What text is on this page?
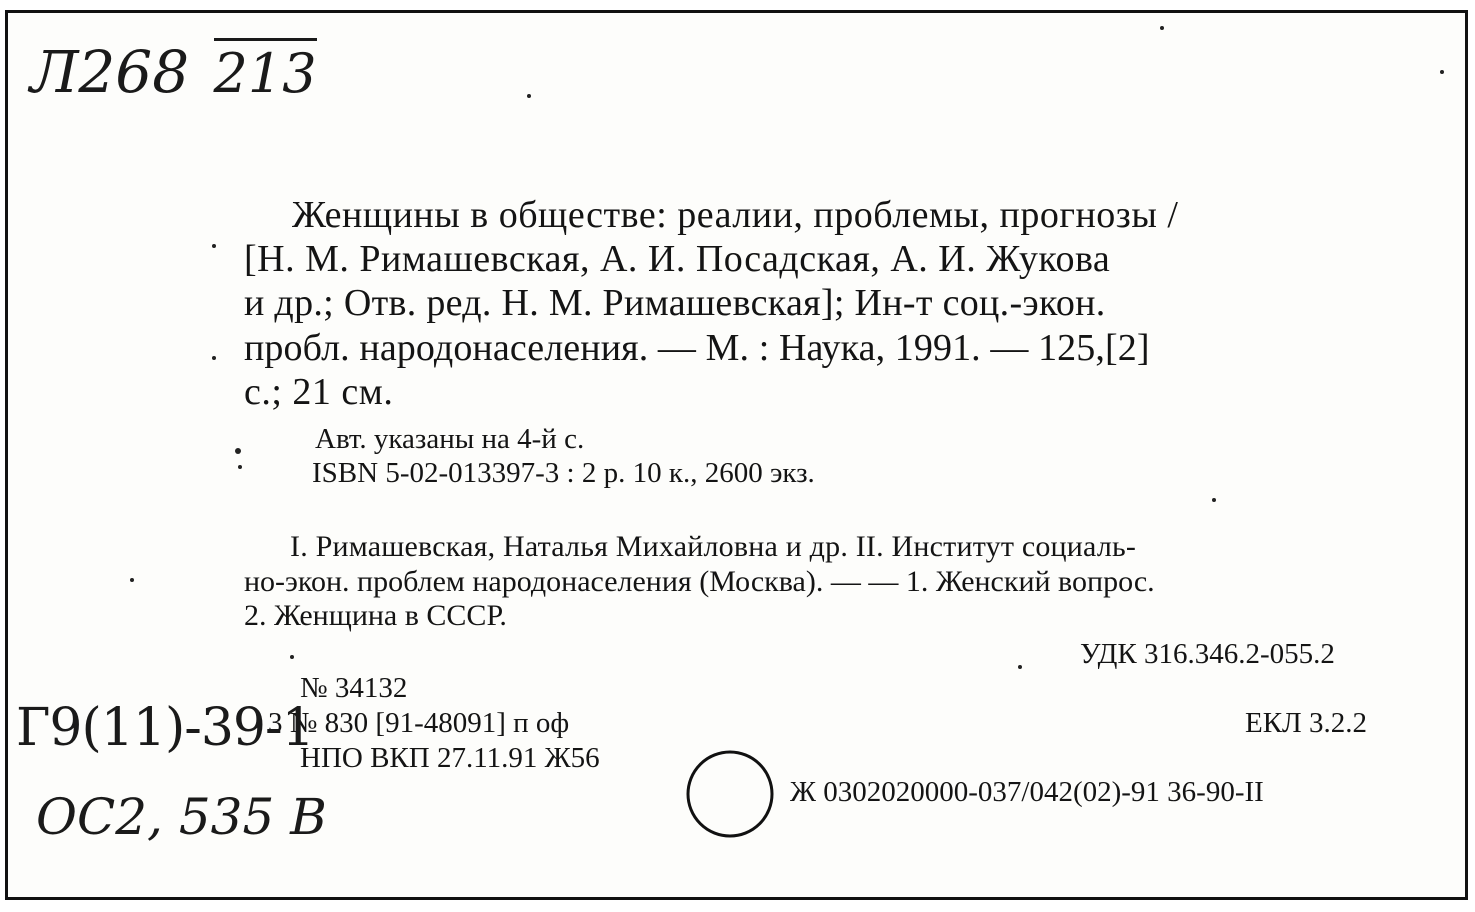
Л268 213
Женщины в обществе: реалии, проблемы, прогнозы /
[Н. М. Римашевская, А. И. Посадская, А. И. Жукова
и др.; Отв. ред. Н. М. Римашевская]; Ин-т соц.-экон.
пробл. народонаселения. — М. : Наука, 1991. — 125,[2]
с.; 21 см.
Авт. указаны на 4-й с.
ISBN 5-02-013397-3 : 2 р. 10 к., 2600 экз.
I. Римашевская, Наталья Михайловна и др. II. Институт социаль-
но-экон. проблем народонаселения (Москва). — — 1. Женский вопрос.
2. Женщина в СССР.
УДК 316.346.2-055.2
№ 34132
3 № 830 [91-48091] п оф	ЕКЛ 3.2.2
НПО ВКП 27.11.91 Ж56
Ж 0302020000-037/042(02)-91 36-90-II
Г9(11)-39-1
ОС2, 535 В
